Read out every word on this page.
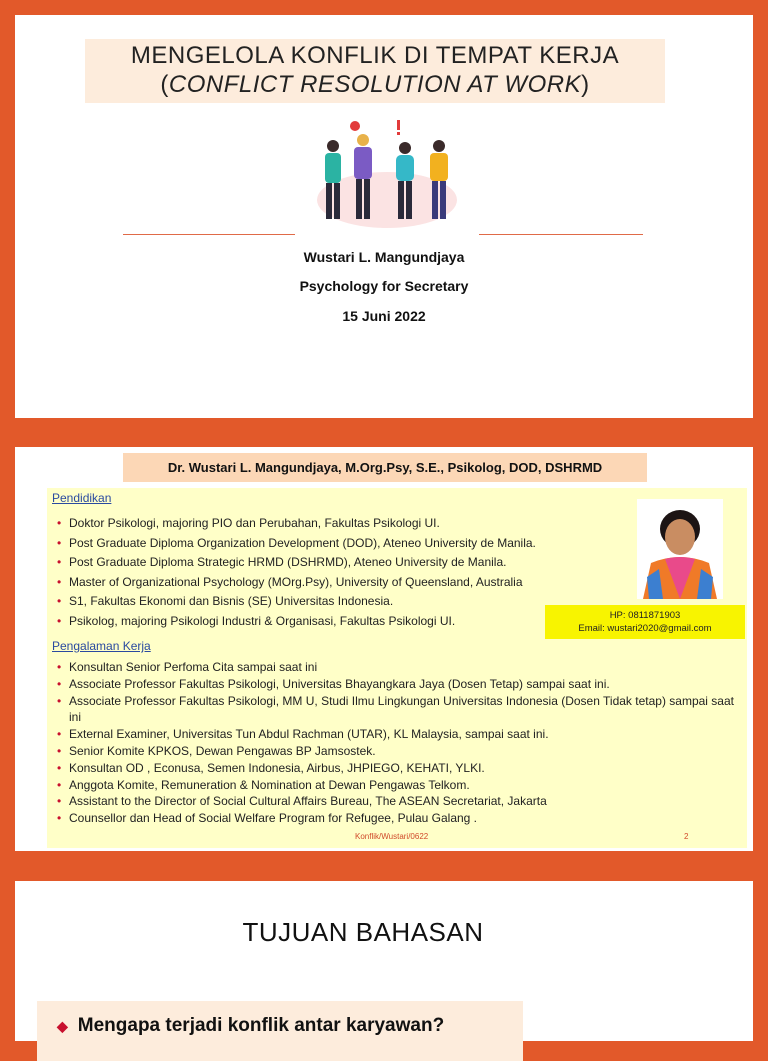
MENGELOLA KONFLIK DI TEMPAT KERJA
(CONFLICT RESOLUTION AT WORK)
Wustari L. Mangundjaya
Psychology for Secretary
15 Juni 2022
Dr. Wustari L. Mangundjaya, M.Org.Psy, S.E., Psikolog, DOD, DSHRMD
Pendidikan
• Doktor Psikologi, majoring PIO dan Perubahan, Fakultas Psikologi UI.
• Post Graduate Diploma Organization Development (DOD), Ateneo University de Manila.
• Post Graduate Diploma Strategic HRMD (DSHRMD), Ateneo University de Manila.
• Master of Organizational Psychology (MOrg.Psy), University of Queensland, Australia
• S1, Fakultas Ekonomi dan Bisnis (SE) Universitas Indonesia.
• Psikolog, majoring Psikologi Industri & Organisasi, Fakultas Psikologi UI.	HP: 0811871903
Email: wustari2020@gmail.com
Pengalaman Kerja
• Konsultan Senior Perfoma Cita sampai saat ini
• Associate Professor Fakultas Psikologi, Universitas Bhayangkara Jaya (Dosen Tetap) sampai saat ini.
• Associate Professor Fakultas Psikologi, MM U, Studi Ilmu Lingkungan Universitas Indonesia (Dosen Tidak tetap) sampai saat ini
• External Examiner, Universitas Tun Abdul Rachman (UTAR), KL Malaysia, sampai saat ini.
• Senior Komite KPKOS, Dewan Pengawas BP Jamsostek.
• Konsultan OD , Econusa, Semen Indonesia, Airbus, JHPIEGO, KEHATI, YLKI.
• Anggota Komite, Remuneration & Nomination at Dewan Pengawas Telkom.
• Assistant to the Director of Social Cultural Affairs Bureau, The ASEAN Secretariat, Jakarta
• Counsellor dan Head of Social Welfare Program for Refugee, Pulau Galang .
Konflik/Wustari/0622	2
TUJUAN BAHASAN
◆ Mengapa terjadi konflik antar karyawan?
